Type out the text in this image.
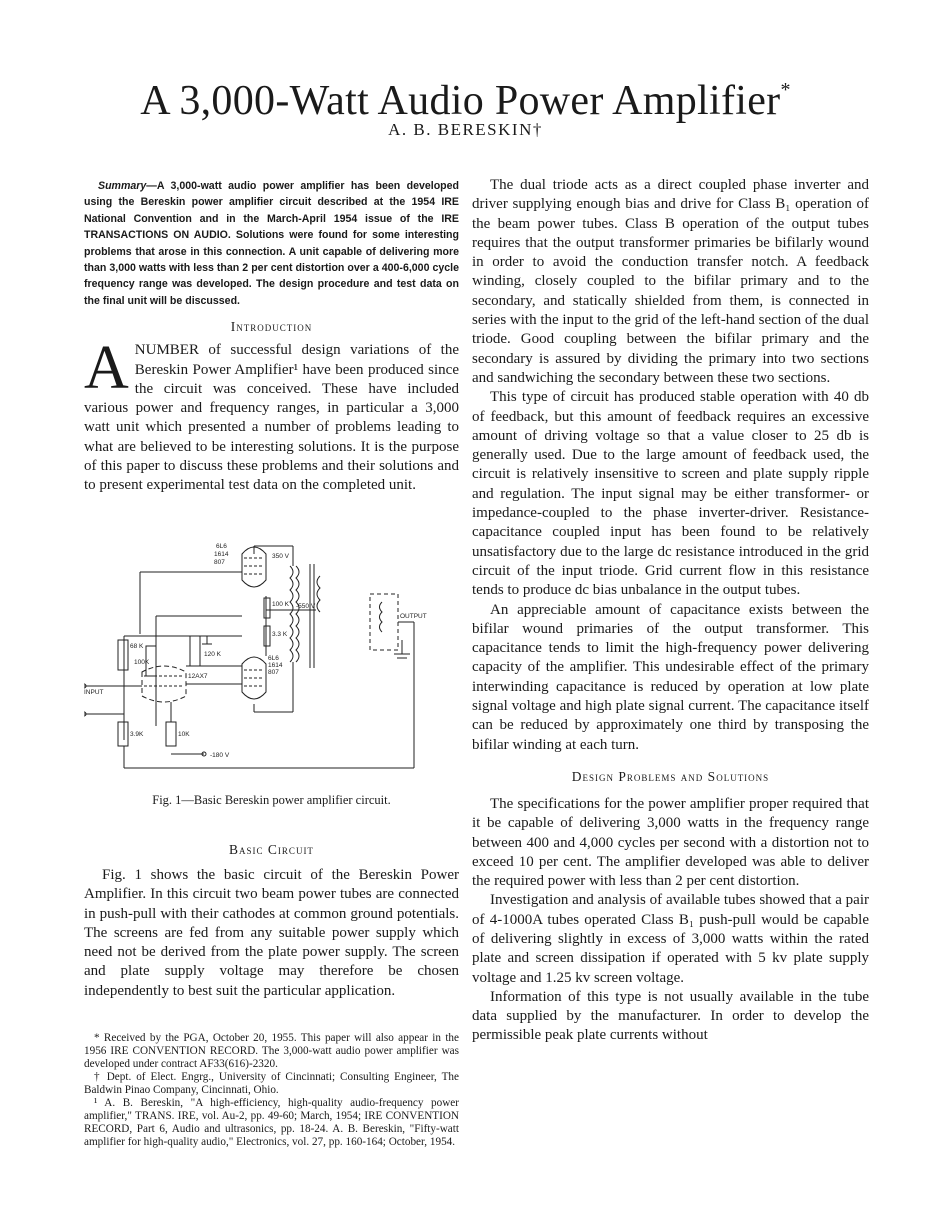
A 3,000-Watt Audio Power Amplifier*
A. B. BERESKIN†

Summary—A 3,000-watt audio power amplifier has been developed using the Bereskin power amplifier circuit described at the 1954 IRE National Convention and in the March-April 1954 issue of the IRE TRANSACTIONS ON AUDIO. Solutions were found for some interesting problems that arose in this connection. A unit capable of delivering more than 3,000 watts with less than 2 per cent distortion over a 400-6,000 cycle frequency range was developed. The design procedure and test data on the final unit will be discussed.

Introduction

ANUMBER of successful design variations of the Bereskin Power Amplifier¹ have been produced since the circuit was conceived. These have included various power and frequency ranges, in particular a 3,000 watt unit which presented a number of problems leading to what are believed to be interesting solutions. It is the purpose of this paper to discuss these problems and their solutions and to present experimental test data on the completed unit.

6L6
1614
807
350 V
100 K -550 V
3.3 K
6L6
1614
807
68 K
100K
120 K
12AX7
INPUT
OUTPUT
3.9K	10K
-180 V
Fig. 1—Basic Bereskin power amplifier circuit.

Basic Circuit

Fig. 1 shows the basic circuit of the Bereskin Power Amplifier. In this circuit two beam power tubes are connected in push-pull with their cathodes at common ground potentials. The screens are fed from any suitable power supply which need not be derived from the plate power supply. The screen and plate supply voltage may therefore be chosen independently to best suit the particular application.

* Received by the PGA, October 20, 1955. This paper will also appear in the 1956 IRE CONVENTION RECORD. The 3,000-watt audio power amplifier was developed under contract AF33(616)-2320.

† Dept. of Elect. Engrg., University of Cincinnati; Consulting Engineer, The Baldwin Pinao Company, Cincinnati, Ohio.

¹ A. B. Bereskin, "A high-efficiency, high-quality audio-frequency power amplifier," TRANS. IRE, vol. Au-2, pp. 49-60; March, 1954; IRE CONVENTION RECORD, Part 6, Audio and ultrasonics, pp. 18-24. A. B. Bereskin, "Fifty-watt amplifier for high-quality audio," Electronics, vol. 27, pp. 160-164; October, 1954.

The dual triode acts as a direct coupled phase inverter and driver supplying enough bias and drive for Class B₁ operation of the beam power tubes. Class B operation of the output tubes requires that the output transformer primaries be bifilarly wound in order to avoid the conduction transfer notch. A feedback winding, closely coupled to the bifilar primary and to the secondary, and statically shielded from them, is connected in series with the input to the grid of the left-hand section of the dual triode. Good coupling between the bifilar primary and the secondary is assured by dividing the primary into two sections and sandwiching the secondary between these two sections.

This type of circuit has produced stable operation with 40 db of feedback, but this amount of feedback requires an excessive amount of driving voltage so that a value closer to 25 db is generally used. Due to the large amount of feedback used, the circuit is relatively insensitive to screen and plate supply ripple and regulation. The input signal may be either transformer- or impedance-coupled to the phase inverter-driver. Resistance-capacitance coupled input has been found to be relatively unsatisfactory due to the large dc resistance introduced in the grid circuit of the input triode. Grid current flow in this resistance tends to produce dc bias unbalance in the output tubes.

An appreciable amount of capacitance exists between the bifilar wound primaries of the output transformer. This capacitance tends to limit the high-frequency power delivering capacity of the amplifier. This undesirable effect of the primary interwinding capacitance is reduced by operation at low plate signal voltage and high plate signal current. The capacitance itself can be reduced by approximately one third by transposing the bifilar winding at each turn.

Design Problems and Solutions

The specifications for the power amplifier proper required that it be capable of delivering 3,000 watts in the frequency range between 400 and 4,000 cycles per second with a distortion not to exceed 10 per cent. The amplifier developed was able to deliver the required power with less than 2 per cent distortion.

Investigation and analysis of available tubes showed that a pair of 4-1000A tubes operated Class B₁ push-pull would be capable of delivering slightly in excess of 3,000 watts within the rated plate and screen dissipation if operated with 5 kv plate supply voltage and 1.25 kv screen voltage.

Information of this type is not usually available in the tube data supplied by the manufacturer. In order to develop the permissible peak plate currents without
